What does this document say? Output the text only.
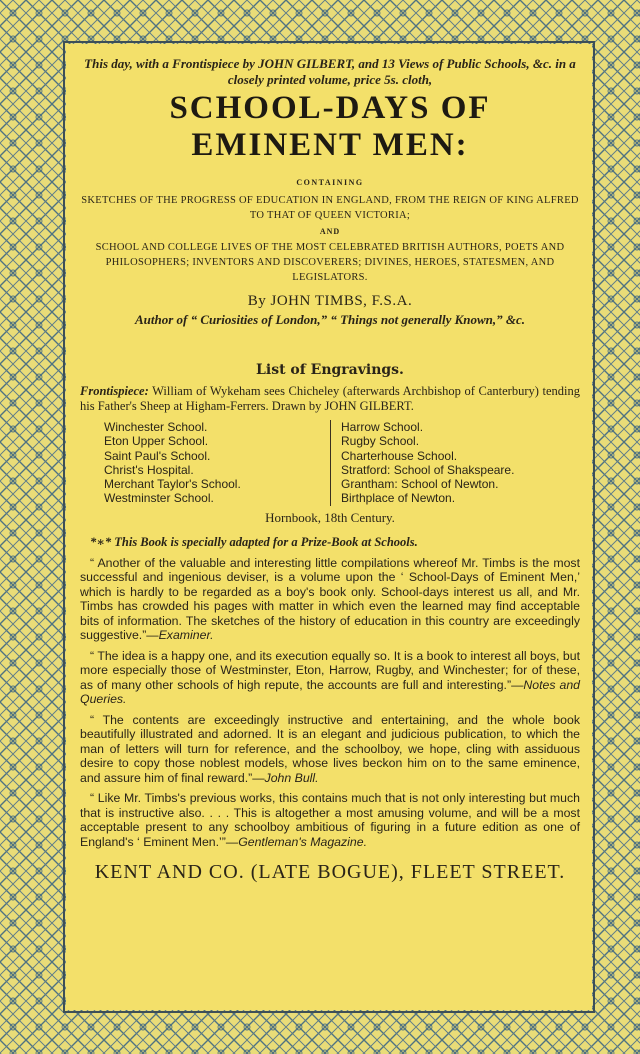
This day, with a Frontispiece by JOHN GILBERT, and 13 Views of Public Schools, &c. in a closely printed volume, price 5s. cloth,

SCHOOL-DAYS OF EMINENT MEN:

CONTAINING

SKETCHES OF THE PROGRESS OF EDUCATION IN ENGLAND, FROM THE REIGN OF KING ALFRED TO THAT OF QUEEN VICTORIA;

AND

SCHOOL AND COLLEGE LIVES OF THE MOST CELEBRATED BRITISH AUTHORS, POETS AND PHILOSOPHERS; INVENTORS AND DISCOVERERS; DIVINES, HEROES, STATESMEN, AND LEGISLATORS.

By JOHN TIMBS, F.S.A.

Author of “ Curiosities of London,” “ Things not generally Known,” &c.

List of Engravings.

Frontispiece: William of Wykeham sees Chicheley (afterwards Archbishop of Canterbury) tending his Father's Sheep at Higham-Ferrers. Drawn by JOHN GILBERT.

Winchester School.
Eton Upper School.
Saint Paul's School.
Christ's Hospital.
Merchant Taylor's School.
Westminster School.
Harrow School.
Rugby School.
Charterhouse School.
Stratford: School of Shakspeare.
Grantham: School of Newton.
Birthplace of Newton.

Hornbook, 18th Century.

*∗* This Book is specially adapted for a Prize-Book at Schools.

“ Another of the valuable and interesting little compilations whereof Mr. Timbs is the most successful and ingenious deviser, is a volume upon the ‘ School-Days of Eminent Men,’ which is hardly to be regarded as a boy's book only. School-days interest us all, and Mr. Timbs has crowded his pages with matter in which even the learned may find acceptable bits of information. The sketches of the history of education in this country are exceedingly suggestive.”—Examiner.

“ The idea is a happy one, and its execution equally so. It is a book to interest all boys, but more especially those of Westminster, Eton, Harrow, Rugby, and Winchester; for of these, as of many other schools of high repute, the accounts are full and interesting.”—Notes and Queries.

“ The contents are exceedingly instructive and entertaining, and the whole book beautifully illustrated and adorned. It is an elegant and judicious publication, to which the man of letters will turn for reference, and the schoolboy, we hope, cling with assiduous desire to copy those noblest models, whose lives beckon him on to the same eminence, and assure him of final reward.”—John Bull.

“ Like Mr. Timbs's previous works, this contains much that is not only interesting but much that is instructive also. . . . This is altogether a most amusing volume, and will be a most acceptable present to any schoolboy ambitious of figuring in a future edition as one of England's ‘ Eminent Men.’”—Gentleman's Magazine.

KENT AND CO. (LATE BOGUE), FLEET STREET.
